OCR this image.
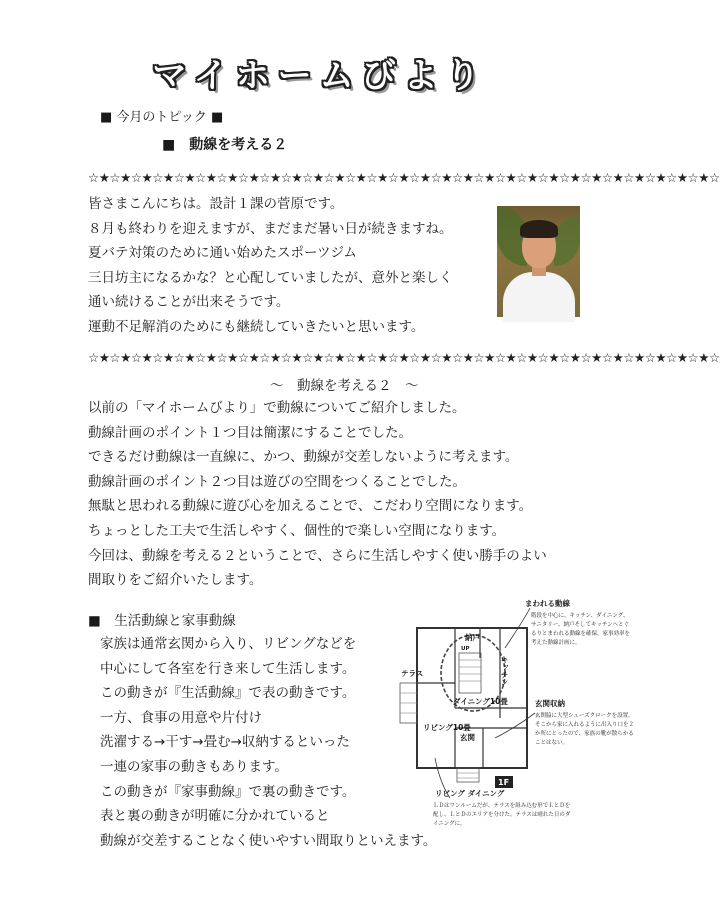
マイホームびより
■ 今月のトピック ■
■　動線を考える２
☆★☆★☆★☆★☆★☆★☆★☆★☆★☆★☆★☆★☆★☆★☆★☆★☆★☆★☆★☆★☆★☆★☆★☆★☆★☆★☆★☆★☆★☆
皆さまこんにちは。設計１課の菅原です。
８月も終わりを迎えますが、まだまだ暑い日が続きますね。
夏バテ対策のために通い始めたスポーツジム
三日坊主になるかな？と心配していましたが、意外と楽しく
通い続けることが出来そうです。
運動不足解消のためにも継続していきたいと思います。
☆★☆★☆★☆★☆★☆★☆★☆★☆★☆★☆★☆★☆★☆★☆★☆★☆★☆★☆★☆★☆★☆★☆★☆★☆★☆★☆★☆★☆★☆
～　動線を考える２　～
以前の「マイホームびより」で動線についてご紹介しました。
動線計画のポイント１つ目は簡潔にすることでした。
できるだけ動線は一直線に、かつ、動線が交差しないように考えます。
動線計画のポイント２つ目は遊びの空間をつくることでした。
無駄と思われる動線に遊び心を加えることで、こだわり空間になります。
ちょっとした工夫で生活しやすく、個性的で楽しい空間になります。
今回は、動線を考える２ということで、さらに生活しやすく使い勝手のよい
間取りをご紹介いたします。
■　生活動線と家事動線
家族は通常玄関から入り、リビングなどを
中心にして各室を行き来して生活します。
この動きが『生活動線』で表の動きです。
一方、食事の用意や片付け
洗濯する→干す→畳む→収納するといった
一連の家事の動きもあります。
この動きが『家事動線』で裏の動きです。
表と裏の動きが明確に分かれていると
動線が交差することなく使いやすい間取りといえます。
納戸
キッチン
ダイニング10畳
リビング10畳
玄関
テラス
UP
1F
まわれる動線
階段を中心に、キッチン、ダイニング、サニタリー、納戸そしてキッチンへとぐるりとまわれる動線を確保。家事効率を考えた動線計画に。
玄関収納
玄関脇に大型シューズクロークを設置。そこから家に入れるように出入り口を２か所にとったので、家族の靴が散らかることはない。
リビング ダイニング
ＬＤはワンルームだが、テラスを組み込む形でＬとＤを配し、ＬとＤのエリアを分けた。テラスは晴れた日のダイニングに。
